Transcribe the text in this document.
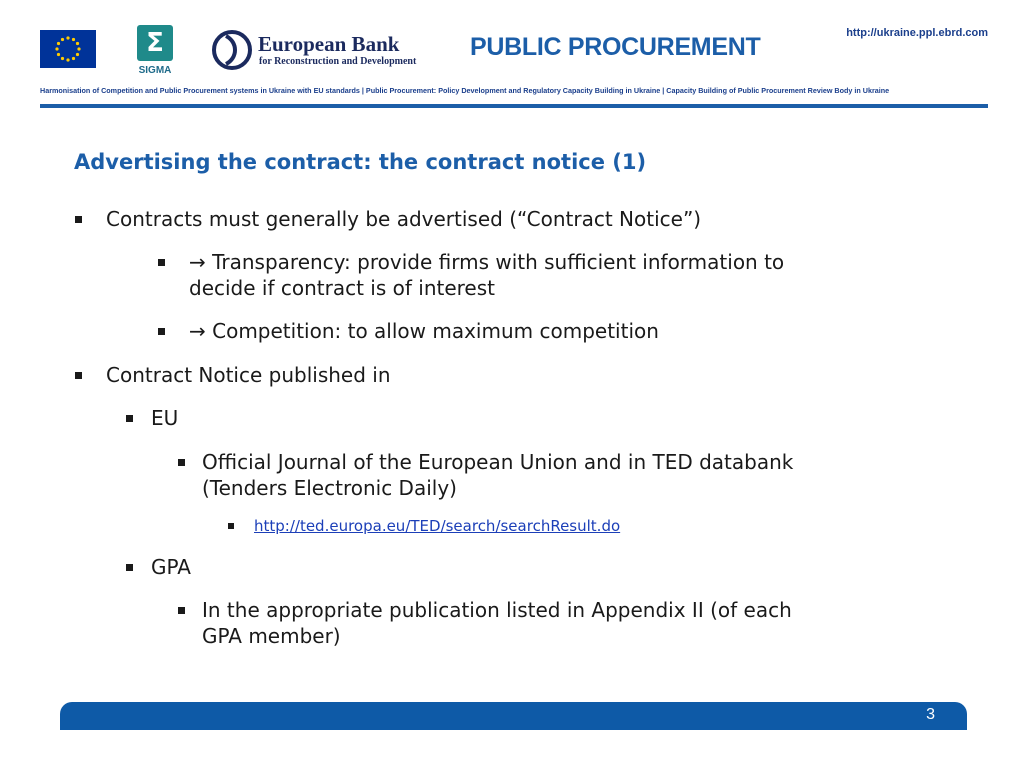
Σ
SIGMA
European Bank
for Reconstruction and Development
PUBLIC PROCUREMENT	http://ukraine.ppl.ebrd.com
Harmonisation of Competition and Public Procurement systems in Ukraine with EU standards | Public Procurement: Policy Development and Regulatory Capacity Building in Ukraine | Capacity Building of Public Procurement Review Body in Ukraine
Advertising the contract: the contract notice (1)
Contracts must generally be advertised (“Contract Notice”)
→ Transparency: provide firms with sufficient information to
decide if contract is of interest
→ Competition: to allow maximum competition
Contract Notice published in
EU
Official Journal of the European Union and in TED databank
(Tenders Electronic Daily)
http://ted.europa.eu/TED/search/searchResult.do
GPA
In the appropriate publication listed in Appendix II (of each
GPA member)
3
